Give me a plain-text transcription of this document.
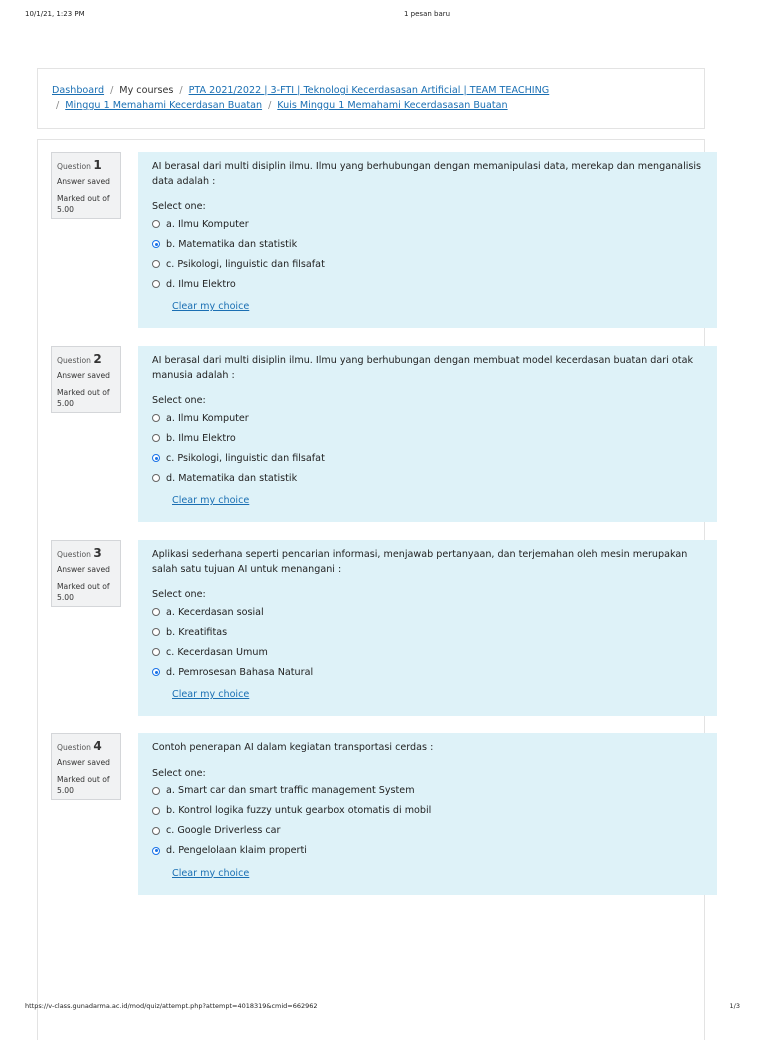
10/1/21, 1:23 PM	1 pesan baru
Dashboard / My courses / PTA 2021/2022 | 3-FTI | Teknologi Kecerdasasan Artificial | TEAM TEACHING
/ Minggu 1 Memahami Kecerdasan Buatan / Kuis Minggu 1 Memahami Kecerdasasan Buatan
Question 1
Answer saved
Marked out of 5.00
AI berasal dari multi disiplin ilmu. Ilmu yang berhubungan dengan memanipulasi data, merekap dan menganalisis data adalah :
Select one:
a. Ilmu Komputer
b. Matematika dan statistik
c. Psikologi, linguistic dan filsafat
d. Ilmu Elektro
Clear my choice
Question 2
Answer saved
Marked out of 5.00
AI berasal dari multi disiplin ilmu. Ilmu yang berhubungan dengan membuat model kecerdasan buatan dari otak manusia adalah :
Select one:
a. Ilmu Komputer
b. Ilmu Elektro
c. Psikologi, linguistic dan filsafat
d. Matematika dan statistik
Clear my choice
Question 3
Answer saved
Marked out of 5.00
Aplikasi sederhana seperti pencarian informasi, menjawab pertanyaan, dan terjemahan oleh mesin merupakan salah satu tujuan AI untuk menangani :
Select one:
a. Kecerdasan sosial
b. Kreatifitas
c. Kecerdasan Umum
d. Pemrosesan Bahasa Natural
Clear my choice
Question 4
Answer saved
Marked out of 5.00
Contoh penerapan AI dalam kegiatan transportasi cerdas :
Select one:
a. Smart car dan smart traffic management System
b. Kontrol logika fuzzy untuk gearbox otomatis di mobil
c. Google Driverless car
d. Pengelolaan klaim properti
Clear my choice
https://v-class.gunadarma.ac.id/mod/quiz/attempt.php?attempt=4018319&cmid=662962	1/3
